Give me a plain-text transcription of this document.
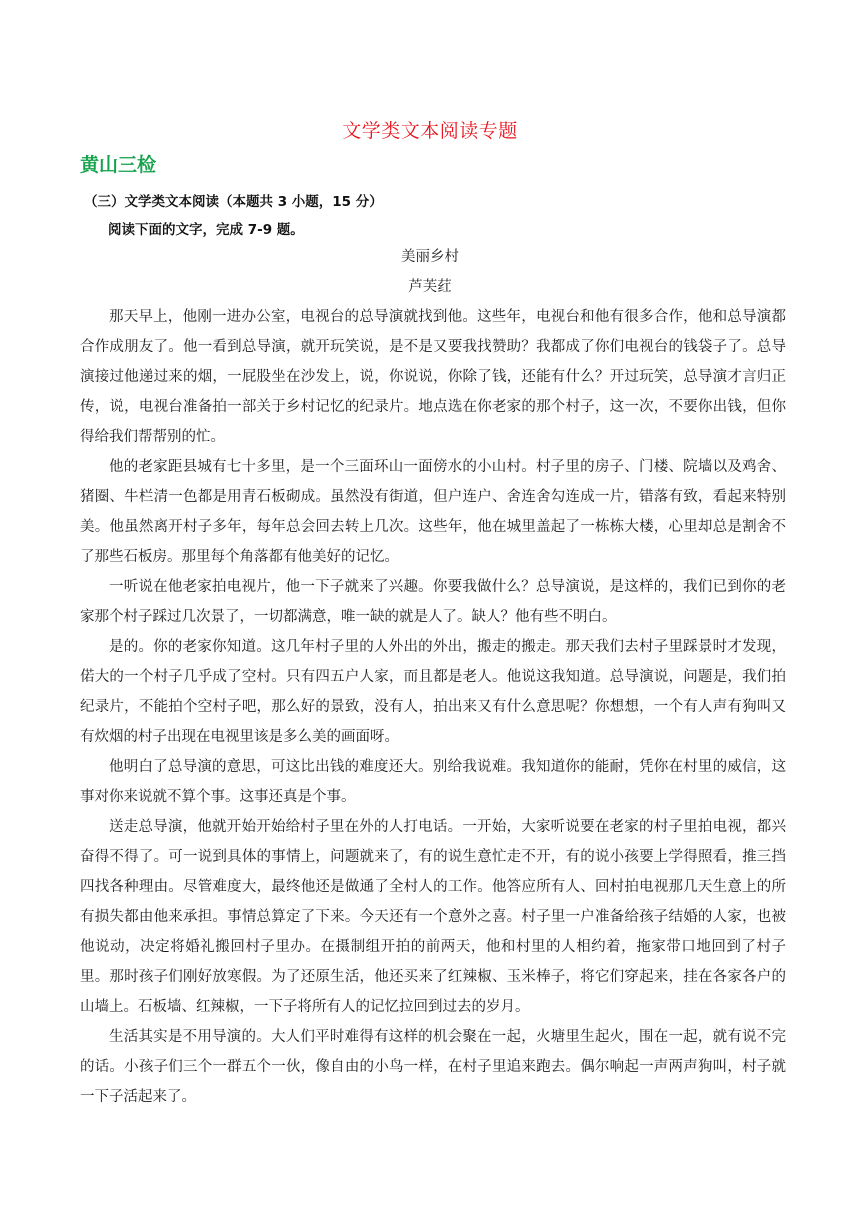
文学类文本阅读专题
黄山三检
（三）文学类文本阅读（本题共 3 小题，15 分）
阅读下面的文字，完成 7-9 题。
美丽乡村
芦芙荭

那天早上，他刚一进办公室，电视台的总导演就找到他。这些年，电视台和他有很多合作，他和总导演都合作成朋友了。他一看到总导演，就开玩笑说，是不是又要我找赞助？我都成了你们电视台的钱袋子了。总导演接过他递过来的烟，一屁股坐在沙发上，说，你说说，你除了钱，还能有什么？开过玩笑，总导演才言归正传，说，电视台准备拍一部关于乡村记忆的纪录片。地点选在你老家的那个村子，这一次，不要你出钱，但你得给我们帮帮别的忙。

他的老家距县城有七十多里，是一个三面环山一面傍水的小山村。村子里的房子、门楼、院墙以及鸡舍、猪圈、牛栏清一色都是用青石板砌成。虽然没有街道，但户连户、舍连舍勾连成一片，错落有致，看起来特别美。他虽然离开村子多年，每年总会回去转上几次。这些年，他在城里盖起了一栋栋大楼，心里却总是割舍不了那些石板房。那里每个角落都有他美好的记忆。

一听说在他老家拍电视片，他一下子就来了兴趣。你要我做什么？总导演说，是这样的，我们已到你的老家那个村子踩过几次景了，一切都满意，唯一缺的就是人了。缺人？他有些不明白。

是的。你的老家你知道。这几年村子里的人外出的外出，搬走的搬走。那天我们去村子里踩景时才发现，偌大的一个村子几乎成了空村。只有四五户人家，而且都是老人。他说这我知道。总导演说，问题是，我们拍纪录片，不能拍个空村子吧，那么好的景致，没有人，拍出来又有什么意思呢？你想想，一个有人声有狗叫又有炊烟的村子出现在电视里该是多么美的画面呀。

他明白了总导演的意思，可这比出钱的难度还大。别给我说难。我知道你的能耐，凭你在村里的威信，这事对你来说就不算个事。这事还真是个事。

送走总导演，他就开始开始给村子里在外的人打电话。一开始，大家听说要在老家的村子里拍电视，都兴奋得不得了。可一说到具体的事情上，问题就来了，有的说生意忙走不开，有的说小孩要上学得照看，推三挡四找各种理由。尽管难度大，最终他还是做通了全村人的工作。他答应所有人、回村拍电视那几天生意上的所有损失都由他来承担。事情总算定了下来。今天还有一个意外之喜。村子里一户准备给孩子结婚的人家，也被他说动，决定将婚礼搬回村子里办。在摄制组开拍的前两天，他和村里的人相约着，拖家带口地回到了村子里。那时孩子们刚好放寒假。为了还原生活，他还买来了红辣椒、玉米棒子，将它们穿起来，挂在各家各户的山墙上。石板墙、红辣椒，一下子将所有人的记忆拉回到过去的岁月。

生活其实是不用导演的。大人们平时难得有这样的机会聚在一起，火塘里生起火，围在一起，就有说不完的话。小孩子们三个一群五个一伙，像自由的小鸟一样，在村子里追来跑去。偶尔响起一声两声狗叫，村子就一下子活起来了。
